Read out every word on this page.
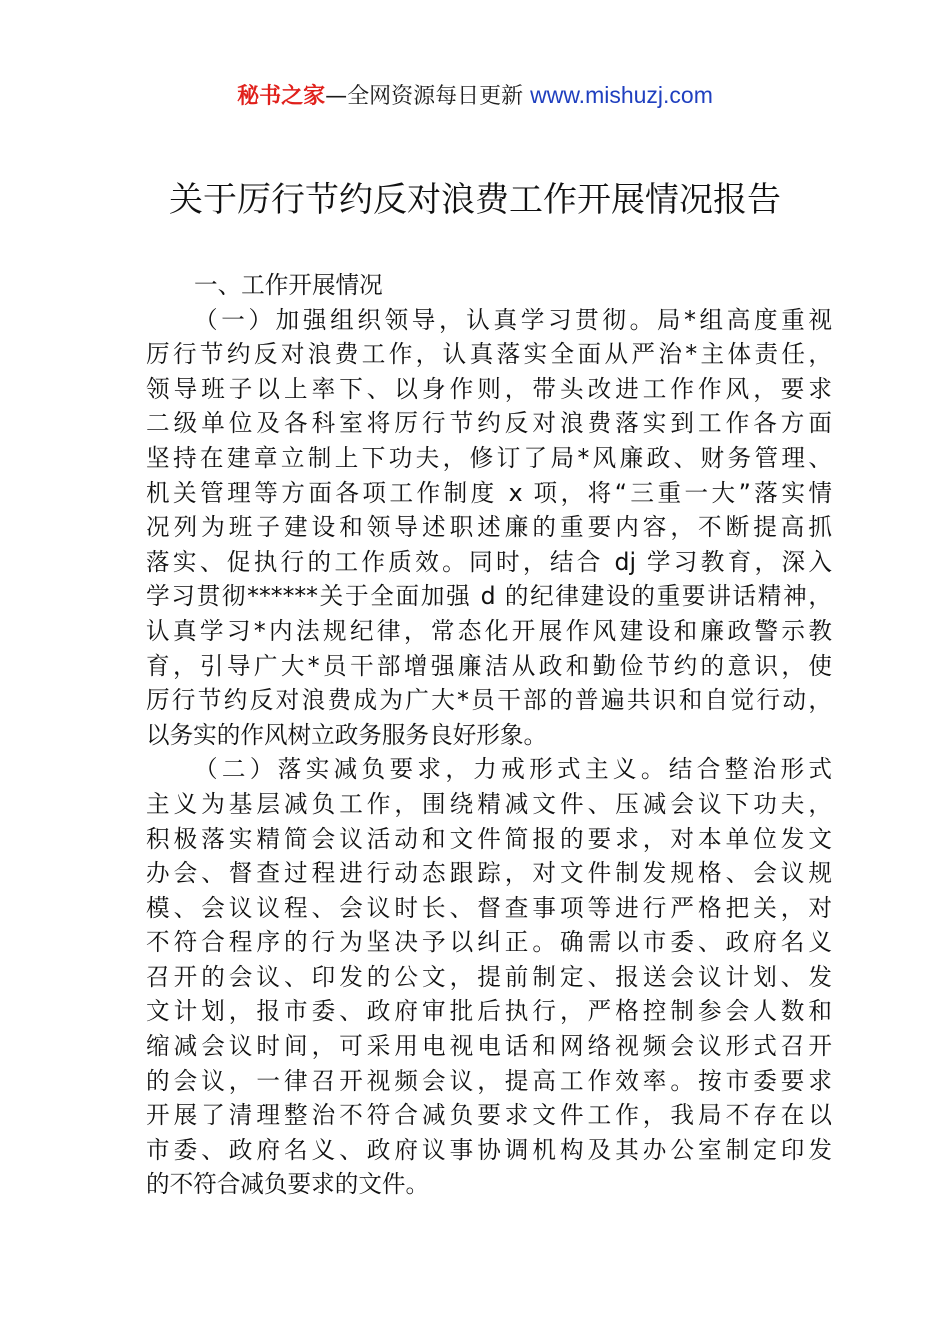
秘书之家—全网资源每日更新 www.mishuzj.com
关于厉行节约反对浪费工作开展情况报告
一、工作开展情况
（一）加强组织领导，认真学习贯彻。局*组高度重视
厉行节约反对浪费工作，认真落实全面从严治*主体责任，
领导班子以上率下、以身作则，带头改进工作作风，要求
二级单位及各科室将厉行节约反对浪费落实到工作各方面
坚持在建章立制上下功夫，修订了局*风廉政、财务管理、
机关管理等方面各项工作制度 x 项，将“三重一大”落实情
况列为班子建设和领导述职述廉的重要内容，不断提高抓
落实、促执行的工作质效。同时，结合 dj 学习教育，深入
学习贯彻******关于全面加强 d 的纪律建设的重要讲话精神，
认真学习*内法规纪律，常态化开展作风建设和廉政警示教
育，引导广大*员干部增强廉洁从政和勤俭节约的意识，使
厉行节约反对浪费成为广大*员干部的普遍共识和自觉行动，
以务实的作风树立政务服务良好形象。
（二）落实减负要求，力戒形式主义。结合整治形式
主义为基层减负工作，围绕精减文件、压减会议下功夫，
积极落实精简会议活动和文件简报的要求，对本单位发文
办会、督查过程进行动态跟踪，对文件制发规格、会议规
模、会议议程、会议时长、督查事项等进行严格把关，对
不符合程序的行为坚决予以纠正。确需以市委、政府名义
召开的会议、印发的公文，提前制定、报送会议计划、发
文计划，报市委、政府审批后执行，严格控制参会人数和
缩减会议时间，可采用电视电话和网络视频会议形式召开
的会议，一律召开视频会议，提高工作效率。按市委要求
开展了清理整治不符合减负要求文件工作，我局不存在以
市委、政府名义、政府议事协调机构及其办公室制定印发
的不符合减负要求的文件。
